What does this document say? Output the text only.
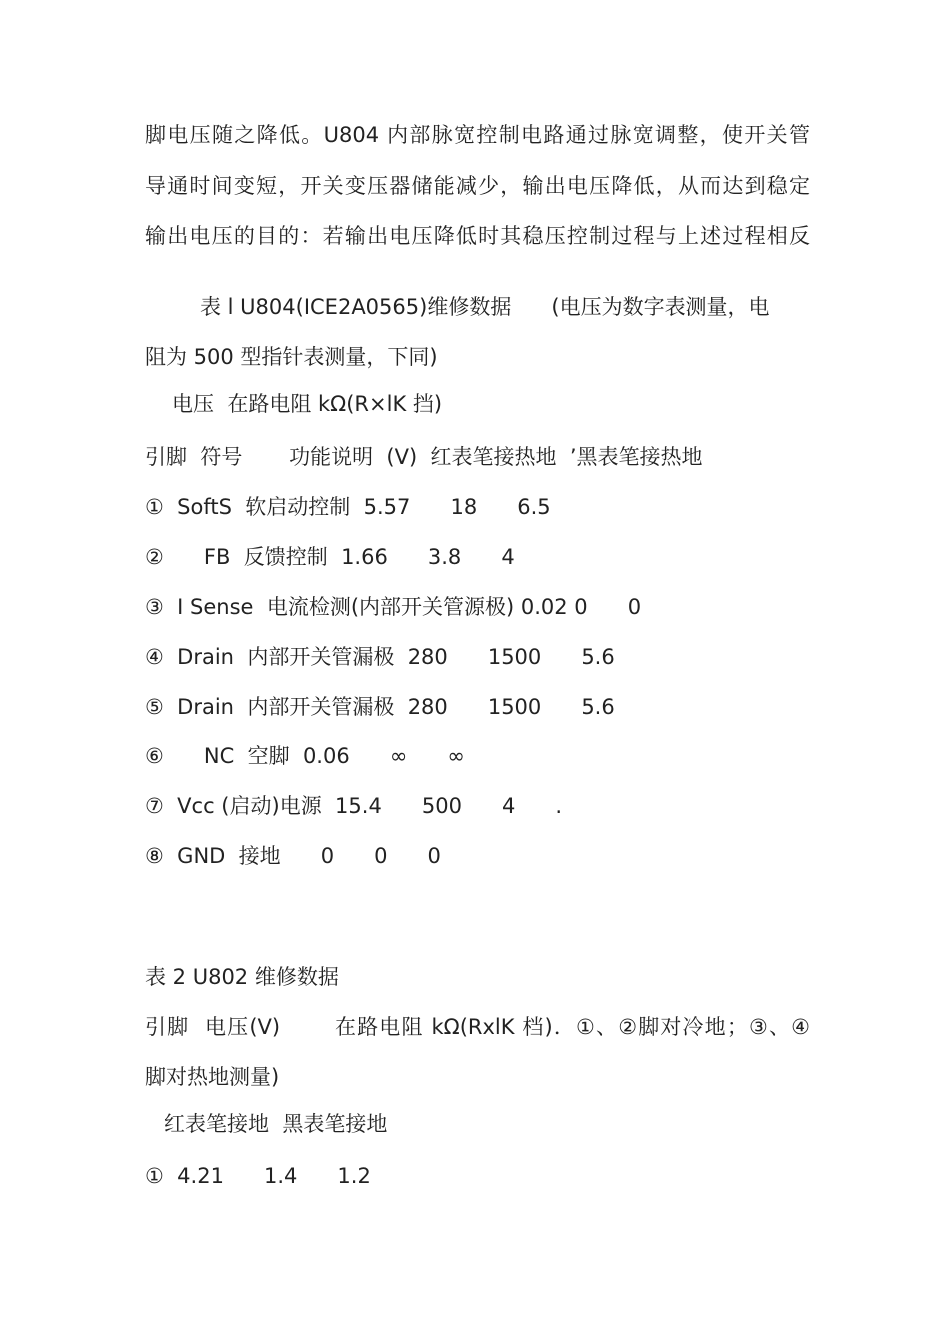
脚电压随之降低。U804 内部脉宽控制电路通过脉宽调整，使开关管
导通时间变短，开关变压器储能减少，输出电压降低，从而达到稳定
输出电压的目的：若输出电压降低时其稳压控制过程与上述过程相反
表 l U804(ICE2A0565)维修数据      (电压为数字表测量，电
阻为 500 型指针表测量，下同)
电压  在路电阻 kΩ(R×lK 挡)
引脚  符号       功能说明  (V)  红表笔接热地  ’黑表笔接热地
①  SoftS  软启动控制  5.57      18      6.5
②      FB  反馈控制  1.66      3.8      4
③  I Sense  电流检测(内部开关管源极) 0.02 0      0
④  Drain  内部开关管漏极  280      1500      5.6
⑤  Drain  内部开关管漏极  280      1500      5.6
⑥      NC  空脚  0.06      ∞      ∞
⑦  Vcc (启动)电源  15.4      500      4      .
⑧  GND  接地      0      0      0
表 2 U802 维修数据
引脚  电压(V)       在路电阻 kΩ(RxlK 档)．①、②脚对冷地；③、④
脚对热地测量)
红表笔接地  黑表笔接地
①  4.21      1.4      1.2
